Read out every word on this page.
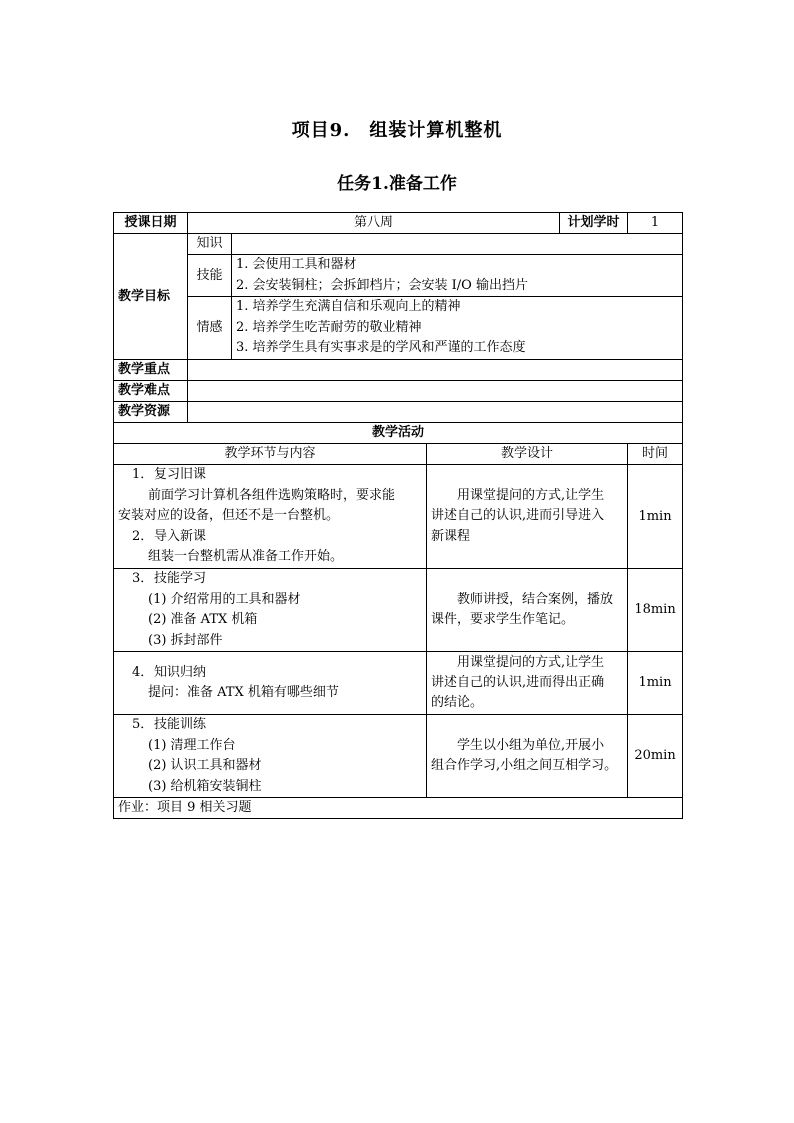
项目9.　组装计算机整机
任务1.准备工作
授课日期	第八周			计划学时	1
教学目标	知识				
	技能	1. 会使用工具和器材
2. 会安装铜柱；会拆卸档片；会安装 I/O 输出挡片			

	情感	1. 培养学生充满自信和乐观向上的精神
2. 培养学生吃苦耐劳的敬业精神
3. 培养学生具有实事求是的学风和严谨的工作态度			

教学重点					
教学难点					
教学资源					
教学活动					
教学环节与内容			教学设计		时间

1．复习旧课
前面学习计算机各组件选购策略时，要求能
安装对应的设备，但还不是一台整机。
2．导入新课
组装一台整机需从准备工作开始。			用课堂提问的方式,让学生
讲述自己的认识,进而引导进入
新课程		1min

3．技能学习
(1) 介绍常用的工具和器材
(2) 准备 ATX 机箱
(3) 拆封部件			教师讲授，结合案例，播放
课件，要求学生作笔记。		18min

4．知识归纳
提问：准备 ATX 机箱有哪些细节			用课堂提问的方式,让学生
讲述自己的认识,进而得出正确
的结论。		1min

5．技能训练
(1) 清理工作台
(2) 认识工具和器材
(3) 给机箱安装铜柱			学生以小组为单位,开展小
组合作学习,小组之间互相学习。		20min
作业：项目 9 相关习题					
